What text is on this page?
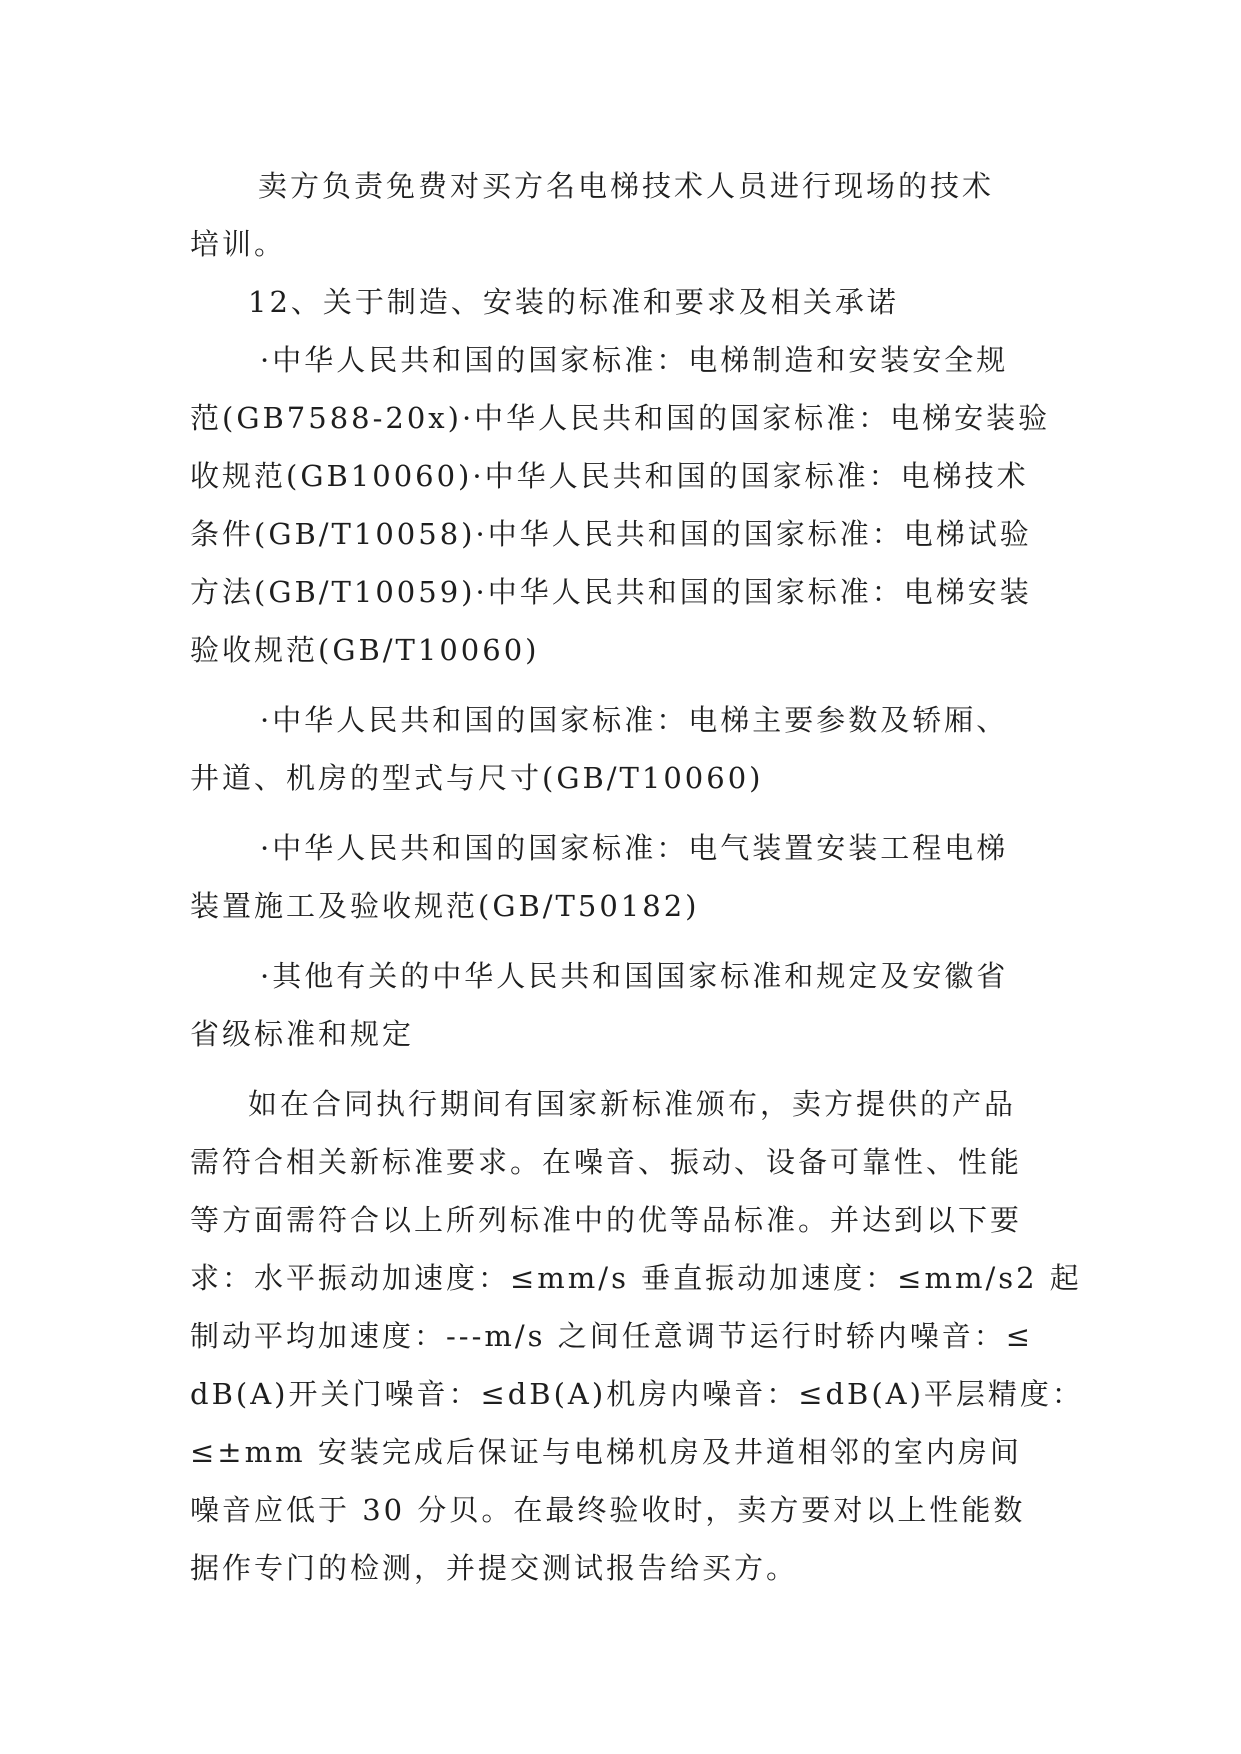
卖方负责免费对买方名电梯技术人员进行现场的技术
培训。
12、关于制造、安装的标准和要求及相关承诺
·中华人民共和国的国家标准：电梯制造和安装安全规
范(GB7588-20x)·中华人民共和国的国家标准：电梯安装验
收规范(GB10060)·中华人民共和国的国家标准：电梯技术
条件(GB/T10058)·中华人民共和国的国家标准：电梯试验
方法(GB/T10059)·中华人民共和国的国家标准：电梯安装
验收规范(GB/T10060)
·中华人民共和国的国家标准：电梯主要参数及轿厢、
井道、机房的型式与尺寸(GB/T10060)
·中华人民共和国的国家标准：电气装置安装工程电梯
装置施工及验收规范(GB/T50182)
·其他有关的中华人民共和国国家标准和规定及安徽省
省级标准和规定
如在合同执行期间有国家新标准颁布，卖方提供的产品
需符合相关新标准要求。在噪音、振动、设备可靠性、性能
等方面需符合以上所列标准中的优等品标准。并达到以下要
求：水平振动加速度：≤mm/s 垂直振动加速度：≤mm/s2 起
制动平均加速度：---m/s 之间任意调节运行时轿内噪音：≤
dB(A)开关门噪音：≤dB(A)机房内噪音：≤dB(A)平层精度：
≤±mm 安装完成后保证与电梯机房及井道相邻的室内房间
噪音应低于 30 分贝。在最终验收时，卖方要对以上性能数
据作专门的检测，并提交测试报告给买方。
